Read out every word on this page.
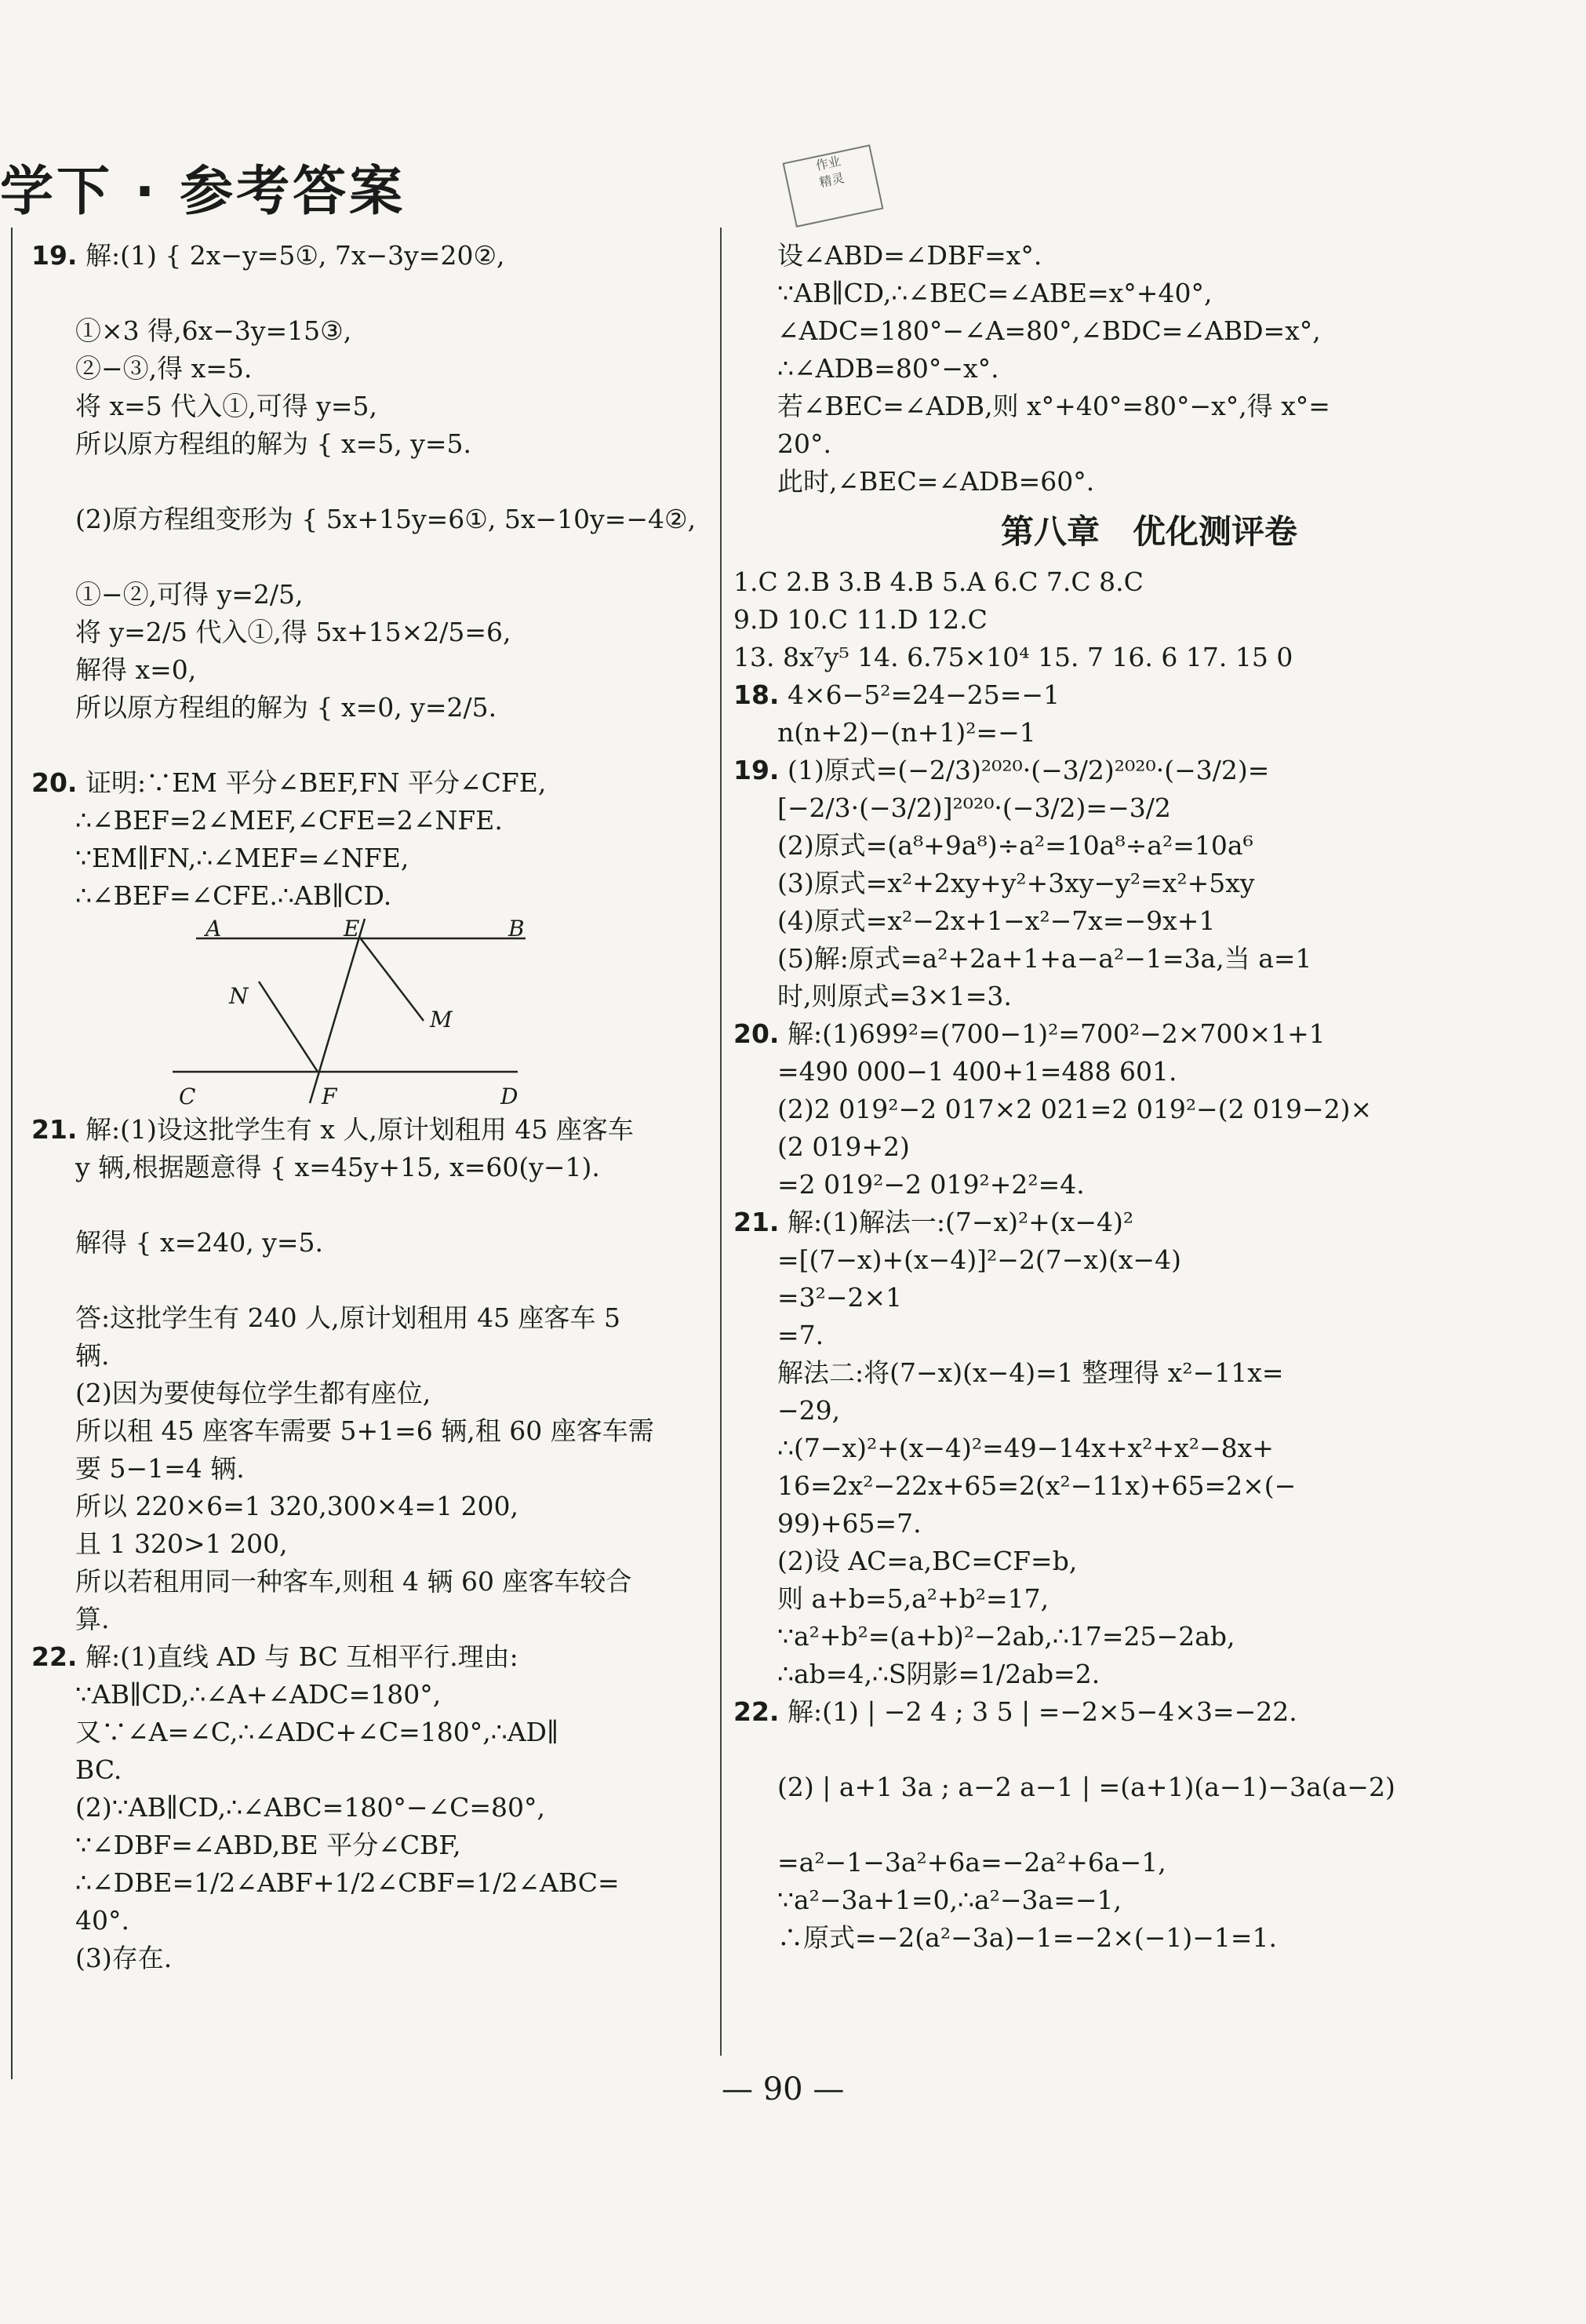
学下 · 参考答案	作业
精灵
19. 解:(1) { 2x−y=5①, 7x−3y=20②,
①×3 得,6x−3y=15③,
②−③,得 x=5.
将 x=5 代入①,可得 y=5,
所以原方程组的解为 { x=5, y=5.
(2)原方程组变形为 { 5x+15y=6①, 5x−10y=−4②,
①−②,可得 y=2/5,
将 y=2/5 代入①,得 5x+15×2/5=6,
解得 x=0,
所以原方程组的解为 { x=0, y=2/5.
20. 证明:∵EM 平分∠BEF,FN 平分∠CFE,
∴∠BEF=2∠MEF,∠CFE=2∠NFE.
∵EM∥FN,∴∠MEF=∠NFE,
∴∠BEF=∠CFE.∴AB∥CD.
A	E	B
N
M
C	F	D
21. 解:(1)设这批学生有 x 人,原计划租用 45 座客车
y 辆,根据题意得 { x=45y+15, x=60(y−1).
解得 { x=240, y=5.
答:这批学生有 240 人,原计划租用 45 座客车 5
辆.
(2)因为要使每位学生都有座位,
所以租 45 座客车需要 5+1=6 辆,租 60 座客车需
要 5−1=4 辆.
所以 220×6=1 320,300×4=1 200,
且 1 320>1 200,
所以若租用同一种客车,则租 4 辆 60 座客车较合
算.
22. 解:(1)直线 AD 与 BC 互相平行.理由:
∵AB∥CD,∴∠A+∠ADC=180°,
又∵∠A=∠C,∴∠ADC+∠C=180°,∴AD∥
BC.
(2)∵AB∥CD,∴∠ABC=180°−∠C=80°,
∵∠DBF=∠ABD,BE 平分∠CBF,
∴∠DBE=1/2∠ABF+1/2∠CBF=1/2∠ABC=
40°.
(3)存在.
设∠ABD=∠DBF=x°.
∵AB∥CD,∴∠BEC=∠ABE=x°+40°,
∠ADC=180°−∠A=80°,∠BDC=∠ABD=x°,
∴∠ADB=80°−x°.
若∠BEC=∠ADB,则 x°+40°=80°−x°,得 x°=
20°.
此时,∠BEC=∠ADB=60°.
第八章　优化测评卷
1.C 2.B 3.B 4.B 5.A 6.C 7.C 8.C
9.D 10.C 11.D 12.C
13. 8x⁷y⁵ 14. 6.75×10⁴ 15. 7 16. 6 17. 15 0
18. 4×6−5²=24−25=−1
n(n+2)−(n+1)²=−1
19. (1)原式=(−2/3)²⁰²⁰·(−3/2)²⁰²⁰·(−3/2)=
[−2/3·(−3/2)]²⁰²⁰·(−3/2)=−3/2
(2)原式=(a⁸+9a⁸)÷a²=10a⁸÷a²=10a⁶
(3)原式=x²+2xy+y²+3xy−y²=x²+5xy
(4)原式=x²−2x+1−x²−7x=−9x+1
(5)解:原式=a²+2a+1+a−a²−1=3a,当 a=1
时,则原式=3×1=3.
20. 解:(1)699²=(700−1)²=700²−2×700×1+1
=490 000−1 400+1=488 601.
(2)2 019²−2 017×2 021=2 019²−(2 019−2)×
(2 019+2)
=2 019²−2 019²+2²=4.
21. 解:(1)解法一:(7−x)²+(x−4)²
=[(7−x)+(x−4)]²−2(7−x)(x−4)
=3²−2×1
=7.
解法二:将(7−x)(x−4)=1 整理得 x²−11x=
−29,
∴(7−x)²+(x−4)²=49−14x+x²+x²−8x+
16=2x²−22x+65=2(x²−11x)+65=2×(−
99)+65=7.
(2)设 AC=a,BC=CF=b,
则 a+b=5,a²+b²=17,
∵a²+b²=(a+b)²−2ab,∴17=25−2ab,
∴ab=4,∴S阴影=1/2ab=2.
22. 解:(1) | −2 4 ; 3 5 | =−2×5−4×3=−22.
(2) | a+1 3a ; a−2 a−1 | =(a+1)(a−1)−3a(a−2)
=a²−1−3a²+6a=−2a²+6a−1,
∵a²−3a+1=0,∴a²−3a=−1,
∴原式=−2(a²−3a)−1=−2×(−1)−1=1.
— 90 —
